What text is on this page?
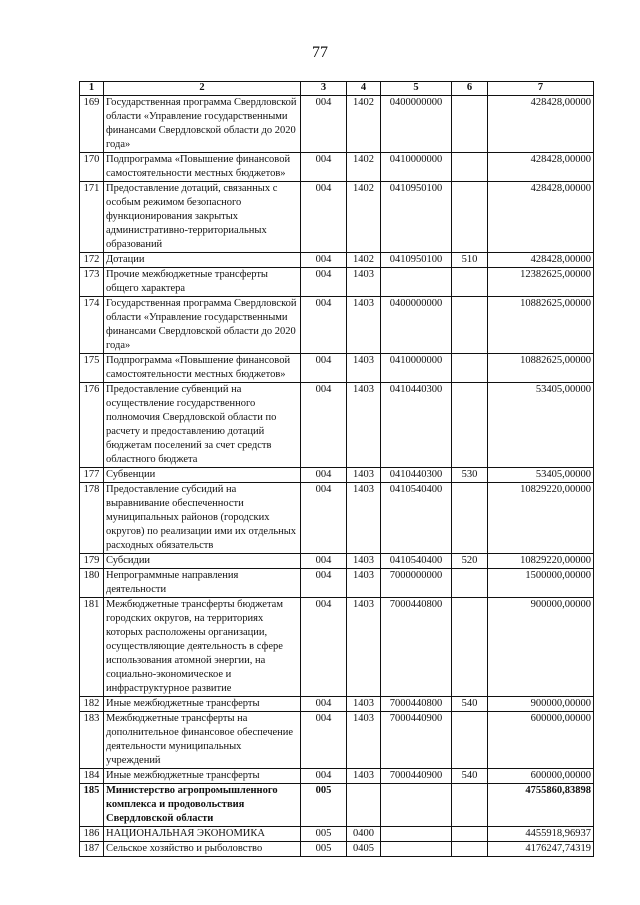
77
1	2	3	4	5	6	7
169	Государственная программа Свердловской области «Управление государственными финансами Свердловской области до 2020 года»	004	1402	0400000000		428428,00000
170	Подпрограмма «Повышение финансовой самостоятельности местных бюджетов»	004	1402	0410000000		428428,00000
171	Предоставление дотаций, связанных с особым режимом безопасного функционирования закрытых административно-территориальных образований	004	1402	0410950100		428428,00000
172	Дотации	004	1402	0410950100	510	428428,00000
173	Прочие межбюджетные трансферты общего характера	004	1403			12382625,00000
174	Государственная программа Свердловской области «Управление государственными финансами Свердловской области до 2020 года»	004	1403	0400000000		10882625,00000
175	Подпрограмма «Повышение финансовой самостоятельности местных бюджетов»	004	1403	0410000000		10882625,00000
176	Предоставление субвенций на осуществление государственного полномочия Свердловской области по расчету и предоставлению дотаций бюджетам поселений за счет средств областного бюджета	004	1403	0410440300		53405,00000
177	Субвенции	004	1403	0410440300	530	53405,00000
178	Предоставление субсидий на выравнивание обеспеченности муниципальных районов (городских округов) по реализации ими их отдельных расходных обязательств	004	1403	0410540400		10829220,00000
179	Субсидии	004	1403	0410540400	520	10829220,00000
180	Непрограммные направления деятельности	004	1403	7000000000		1500000,00000
181	Межбюджетные трансферты бюджетам городских округов, на территориях которых расположены организации, осуществляющие деятельность в сфере использования атомной энергии, на социально-экономическое и инфраструктурное развитие	004	1403	7000440800		900000,00000
182	Иные межбюджетные трансферты	004	1403	7000440800	540	900000,00000
183	Межбюджетные трансферты на дополнительное финансовое обеспечение деятельности муниципальных учреждений	004	1403	7000440900		600000,00000
184	Иные межбюджетные трансферты	004	1403	7000440900	540	600000,00000
185	Министерство агропромышленного комплекса и продовольствия Свердловской области	005				4755860,83898
186	НАЦИОНАЛЬНАЯ ЭКОНОМИКА	005	0400			4455918,96937
187	Сельское хозяйство и рыболовство	005	0405			4176247,74319
